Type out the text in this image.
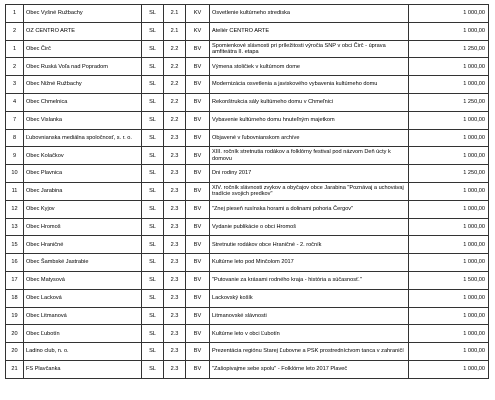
1	Obec Vyšné Ružbachy	SL	2.1	KV	Osvetlenie kultúrneho strediska	1 000,00
2	OZ CENTRO ARTE	SL	2.1	KV	Ateliér CENTRO ARTE	1 000,00
1	Obec Čirč	SL	2.2	BV	Spomienkové slávnosti pri príležitosti výročia SNP v obci Čirč - úprava amfiteátra II. etapa	1 250,00
2	Obec Ruská Voľa nad Popradom	SL	2.2	BV	Výmena stoličiek v kultúrnom dome	1 000,00
3	Obec Nižné Ružbachy	SL	2.2	BV	Modernizácia osvetlenia a javiskového vybavenia kultúrneho domu	1 000,00
4	Obec Chmelnica	SL	2.2	BV	Rekonštrukcia sály kultúrneho domu v Chmeľnici	1 250,00
7	Obec Vislanka	SL	2.2	BV	Vybavenie kultúrneho domu hnuteľným majetkom	1 000,00
8	Ľubovnianska mediálna spoločnosť, s. r. o.	SL	2.3	BV	Objavené v ľubovnianskom archíve	1 000,00
9	Obec Kolačkov	SL	2.3	BV	XIII. ročník stretnutia rodákov a folklórny festival pod názvom Deň úcty k domovu	1 000,00
10	Obec Plavnica	SL	2.3	BV	Dni rodiny 2017	1 250,00
11	Obec Jarabina	SL	2.3	BV	XIV. ročník slávnosti zvykov a obyčajov obce Jarabina "Poznávaj a uchovávaj tradície svojich predkov"	1 000,00
12	Obec Kyjov	SL	2.3	BV	"Znej pieseň rusínska horami a dolinami pohoria Čergov"	1 000,00
13	Obec Hromoš	SL	2.3	BV	Vydanie publikácie o obci Hromoš	1 000,00
15	Obec Hraničné	SL	2.3	BV	Stretnutie rodákov obce Hraničné - 2. ročník	1 000,00
16	Obec Šambské Jastrabie	SL	2.3	BV	Kultúrne leto pod Minčolom 2017	1 000,00
17	Obec Matysová	SL	2.3	BV	"Putovanie za krásami rodného kraja - história a súčasnosť."	1 500,00
18	Obec Lacková	SL	2.3	BV	Lackovský košík	1 000,00
19	Obec Litmanová	SL	2.3	BV	Litmanovské slávnosti	1 000,00
20	Obec Ľubotín	SL	2.3	BV	Kultúrne leto v obci Ľubotín	1 000,00
20	Ladino club, n. o.	SL	2.3	BV	Prezentácia regiónu Starej Ľubovne a PSK prostredníctvom tanca v zahraničí	1 000,00
21	FS Plavčanka	SL	2.3	BV	"Zašopivajme sebe spolu" - Folklórne leto 2017 Plaveč	1 000,00
